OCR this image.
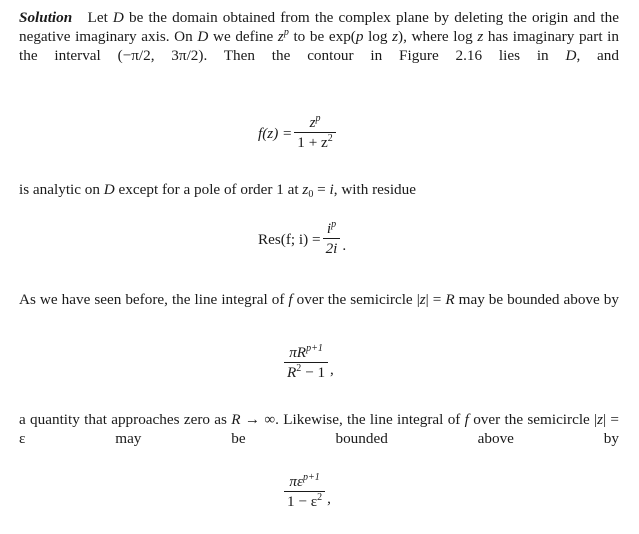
Solution Let D be the domain obtained from the complex plane by deleting the origin and the negative imaginary axis. On D we define $z^p$ to be exp(p log z), where log z has imaginary part in the interval (−π/2, 3π/2). Then the contour in Figure 2.16 lies in D, and

$f(z) = \frac{z^p}{1 + z^2}$

is analytic on D except for a pole of order 1 at $z_0 = i$, with residue

Res(f; $i) = \frac{i^p}{2i}$ .

As we have seen before, the line integral of f over the semicircle |z| = R may be bounded above by

$\frac{\pi R^{p+1}}{R^2 - 1}$ ,

a quantity that approaches zero as R → ∞. Likewise, the line integral of f over the semicircle |z| = ε may be bounded above by

$\frac{\pi\varepsilon^{p+1}}{1 - \varepsilon^2}$ ,
